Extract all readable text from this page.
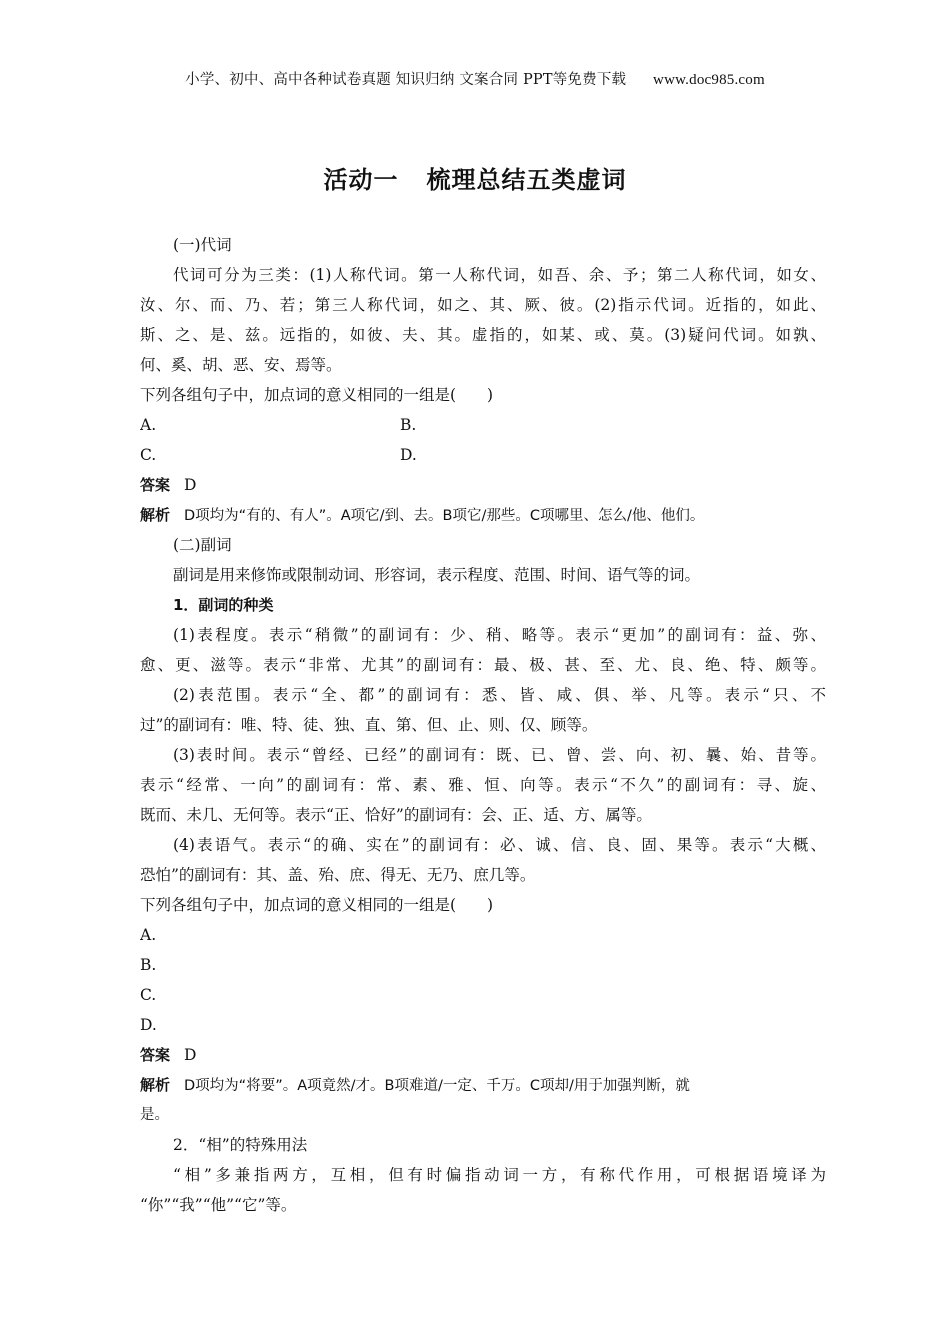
小学、初中、高中各种试卷真题 知识归纳 文案合同 PPT等免费下载 www.doc985.com
活动一 梳理总结五类虚词
(一)代词
代词可分为三类：(1)人称代词。第一人称代词，如吾、余、予；第二人称代词，如女、
汝、尔、而、乃、若；第三人称代词，如之、其、厥、彼。(2)指示代词。近指的，如此、
斯、之、是、兹。远指的，如彼、夫、其。虚指的，如某、或、莫。(3)疑问代词。如孰、
何、奚、胡、恶、安、焉等。
下列各组句子中，加点词的意义相同的一组是(　　)
A.	B.
C.	D.
答案 D
解析 D项均为“有的、有人”。A项它/到、去。B项它/那些。C项哪里、怎么/他、他们。
(二)副词
副词是用来修饰或限制动词、形容词，表示程度、范围、时间、语气等的词。
1．副词的种类
(1)表程度。表示“稍微”的副词有：少、稍、略等。表示“更加”的副词有：益、弥、
愈、更、滋等。表示“非常、尤其”的副词有：最、极、甚、至、尤、良、绝、特、颇等。
(2)表范围。表示“全、都”的副词有：悉、皆、咸、俱、举、凡等。表示“只、不
过”的副词有：唯、特、徒、独、直、第、但、止、则、仅、顾等。
(3)表时间。表示“曾经、已经”的副词有：既、已、曾、尝、向、初、曩、始、昔等。
表示“经常、一向”的副词有：常、素、雅、恒、向等。表示“不久”的副词有：寻、旋、
既而、未几、无何等。表示“正、恰好”的副词有：会、正、适、方、属等。
(4)表语气。表示“的确、实在”的副词有：必、诚、信、良、固、果等。表示“大概、
恐怕”的副词有：其、盖、殆、庶、得无、无乃、庶几等。
下列各组句子中，加点词的意义相同的一组是(　　)
A.
B.
C.
D.
答案 D
解析 D项均为“将要”。A项竟然/才。B项难道/一定、千万。C项却/用于加强判断，就
是。
2．“相”的特殊用法
“相”多兼指两方，互相，但有时偏指动词一方，有称代作用，可根据语境译为
“你”“我”“他”“它”等。
